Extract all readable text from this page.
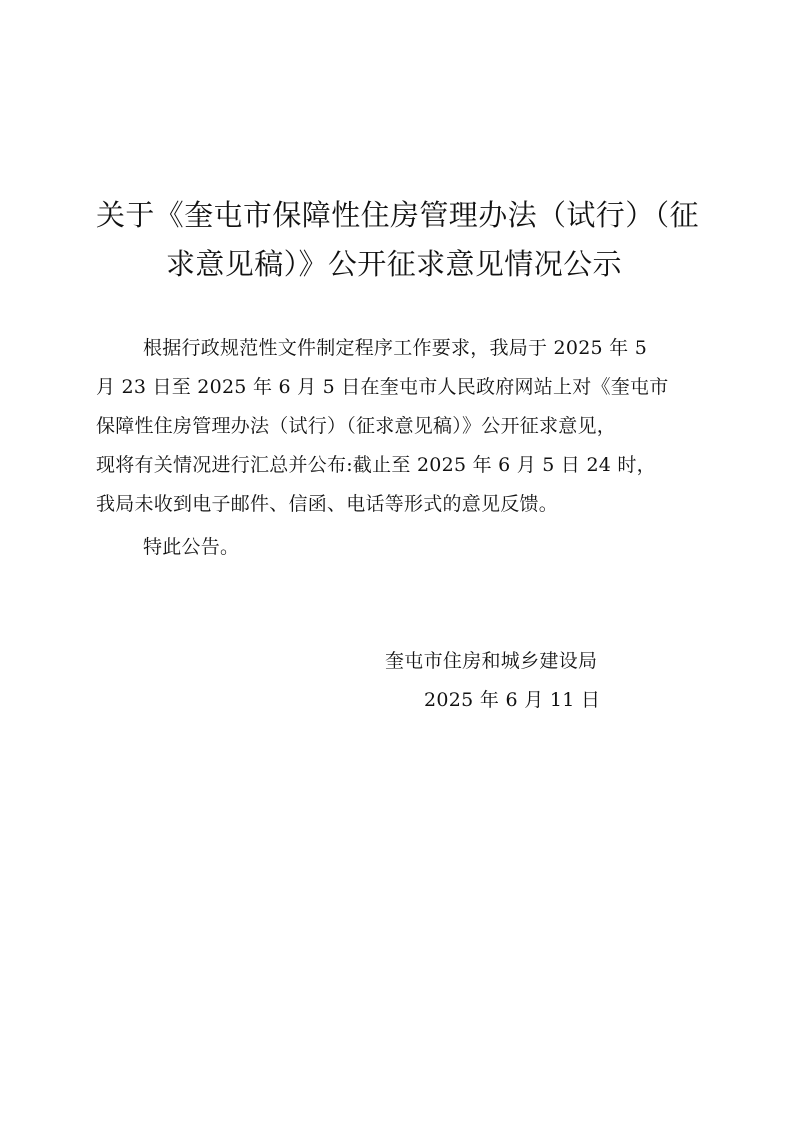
关于《奎屯市保障性住房管理办法（试行）（征
求意见稿）》公开征求意见情况公示
根据行政规范性文件制定程序工作要求，我局于 2025 年 5
月 23 日至 2025 年 6 月 5 日在奎屯市人民政府网站上对《奎屯市
保障性住房管理办法（试行）（征求意见稿）》公开征求意见，
现将有关情况进行汇总并公布:截止至 2025 年 6 月 5 日 24 时，
我局未收到电子邮件、信函、电话等形式的意见反馈。
特此公告。
奎屯市住房和城乡建设局
2025 年 6 月 11 日
